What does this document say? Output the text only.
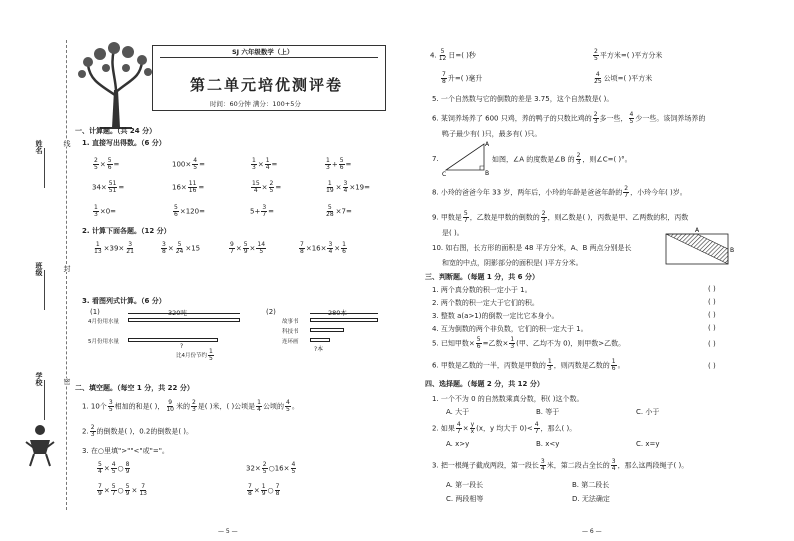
姓名
班级
学校
线
封
密
SJ 六年级数学（上）
第二单元培优测评卷
时间：60分钟 满分：100+5分
一、计算题。（共 24 分）
1. 直接写出得数。（6 分）
$\frac{2}{5} \times \frac{5}{6}$ =	$100\times \frac{4}{5}$ =	$\frac{1}{3} \times \frac{1}{4}$ =	$\frac{1}{3} + \frac{5}{6}$ =
$34\times \frac{51}{51}$ =	$16\times \frac{11}{16}$ =	$\frac{15}{4} \times \frac{2}{5}$ =	$\frac{1}{19} \times \frac{3}{4} \times 19=$
$\frac{1}{3} \times 0=$	$\frac{5}{6} \times 120=$	$5+ \frac{3}{7}$ =	$\frac{5}{28} \times 7=$
2. 计算下面各题。（12 分）
$\frac{1}{13} \times 39\times \frac{3}{21}$	$\frac{3}{8} \times \frac{5}{24} \times 15$	$\frac{9}{7} \times \frac{5}{9} \times \frac{14}{5}$	$\frac{7}{8} \times 16\times \frac{3}{4} \times \frac{1}{6}$
3. 看图列式计算。（6 分）
(1)	320吨
4月份用水量
5月份用水量
?
比4月份节约 $\frac{1}{5}$
(2)	280本
故事书
科技书
连环画
?本
二、填空题。（每空 1 分，共 22 分）
1. 10个 $\frac{3}{5}$ 相加的和是( )， $\frac{9}{10}$ 米的 $\frac{2}{3}$ 是( )米，( )公顷是 $\frac{1}{4}$ 公顷的 $\frac{4}{5}$ 。
2. $\frac{2}{3}$ 的倒数是( )，0.2的倒数是( )。
3. 在○里填">""<"或"="。
$\frac{5}{4} \times \frac{4}{5}$ ○ $\frac{8}{9}$	$32\times \frac{2}{5}$ ○16× $\frac{4}{5}$
$\frac{7}{9} \times \frac{5}{7}$ ○ $\frac{5}{9} \times \frac{7}{13}$	$\frac{7}{8} \times \frac{1}{9}$ ○ $\frac{7}{8}$
— 5 —
4. $\frac{5}{12}$ 日=( )秒	$\frac{2}{5}$ 平方米=( )平方分米
$\frac{7}{8}$ 升=( )毫升	$\frac{4}{25}$ 公顷=( )平方米
5. 一个自然数与它的倒数的差是 3.75，这个自然数是( )。
6. 某饲养场养了 600 只鸡，养的鸭子的只数比鸡的 $\frac{2}{3}$ 多一些， $\frac{4}{5}$ 少一些。该饲养场养的
鸭子最少有( )只，最多有( )只。
7.
A
B
C
如图，∠A 的度数是∠B 的 $\frac{2}{3}$ ，则∠C=( )°。
8. 小玲的爸爸今年 33 岁，两年后，小玲的年龄是爸爸年龄的 $\frac{2}{7}$ ，小玲今年( )岁。
9. 甲数是 $\frac{5}{7}$ ，乙数是甲数的倒数的 $\frac{2}{3}$ ，则乙数是( )，丙数是甲、乙两数的积，丙数
是( )。
10. 如右图，长方形的面积是 48 平方分米，A、B 两点分别是长
和宽的中点，阴影部分的面积是( )平方分米。
A
B
三、判断题。（每题 1 分，共 6 分）
1. 两个真分数的积一定小于 1。	( )
2. 两个数的积一定大于它们的积。	( )
3. 整数 a(a>1)的倒数一定比它本身小。	( )
4. 互为倒数的两个非负数，它们的积一定大于 1。	( )
5. 已知甲数× $\frac{5}{6}$ =乙数× $\frac{1}{3}$ (甲、乙均不为 0)，则甲数>乙数。	( )
6. 甲数是乙数的一半，丙数是甲数的 $\frac{1}{3}$ ，则丙数是乙数的 $\frac{1}{6}$ 。	( )
四、选择题。（每题 2 分，共 12 分）
1. 一个不为 0 的自然数乘真分数，积( )这个数。
A. 大于	B. 等于	C. 小于
2. 如果 $\frac{4}{7} \times \frac{y}{x} (x$，y 均大于 $0)< \frac{4}{7}$ ，那么( )。
A. x>y	B. x<y	C. x=y
3. 把一根绳子截成两段，第一段长 $\frac{3}{4}$ 米，第二段占全长的 $\frac{3}{4}$ ，那么这两段绳子( )。
A. 第一段长	B. 第二段长
C. 两段相等	D. 无法确定
— 6 —
